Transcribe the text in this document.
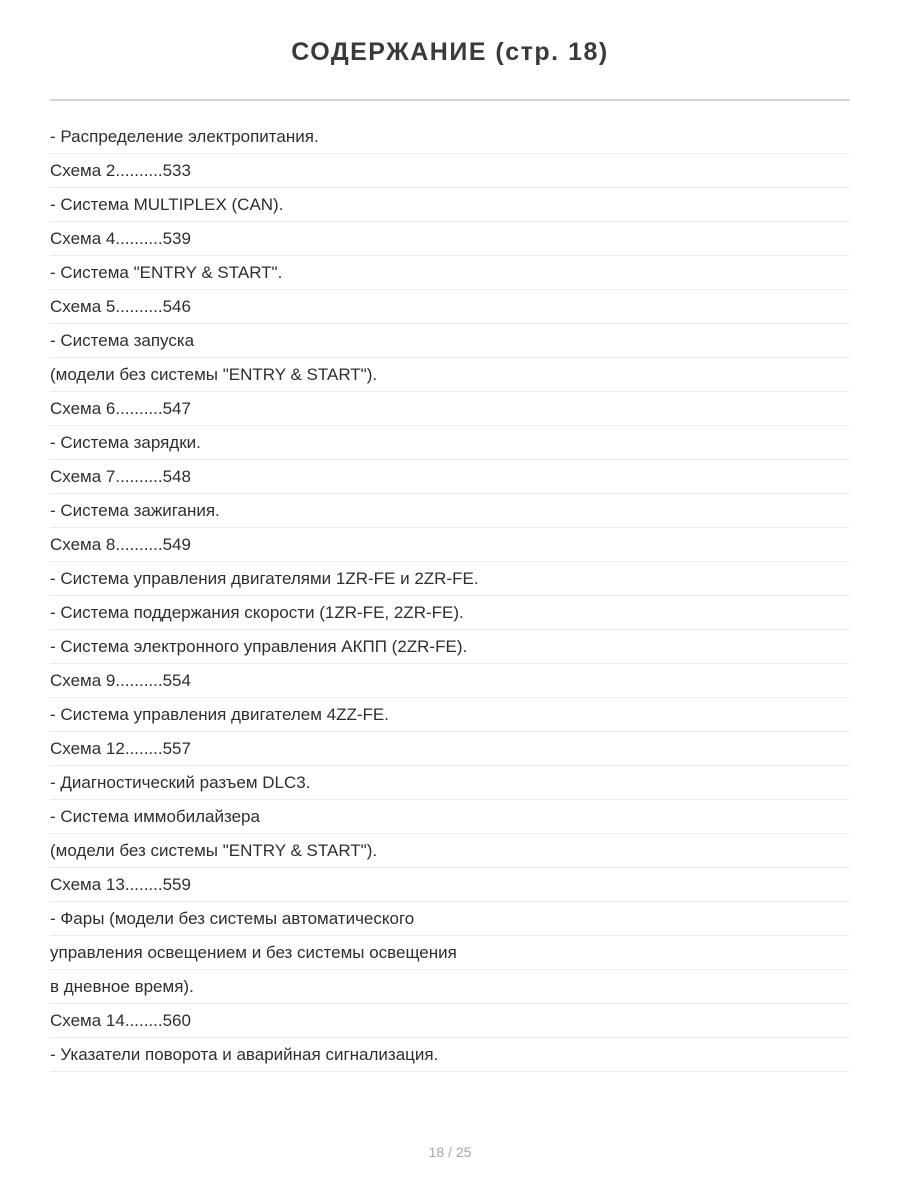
СОДЕРЖАНИЕ (стр. 18)
- Распределение электропитания.
Схема 2..........533
- Система MULTIPLEX (CAN).
Схема 4..........539
- Система "ENTRY & START".
Схема 5..........546
- Система запуска
(модели без системы "ENTRY & START").
Схема 6..........547
- Система зарядки.
Схема 7..........548
- Система зажигания.
Схема 8..........549
- Система управления двигателями 1ZR-FE и 2ZR-FE.
- Система поддержания скорости (1ZR-FE, 2ZR-FE).
- Система электронного управления АКПП (2ZR-FE).
Схема 9..........554
- Система управления двигателем 4ZZ-FE.
Схема 12........557
- Диагностический разъем DLC3.
- Система иммобилайзера
(модели без системы "ENTRY & START").
Схема 13........559
- Фары (модели без системы автоматического
управления освещением и без системы освещения
в дневное время).
Схема 14........560
- Указатели поворота и аварийная сигнализация.
18 / 25
